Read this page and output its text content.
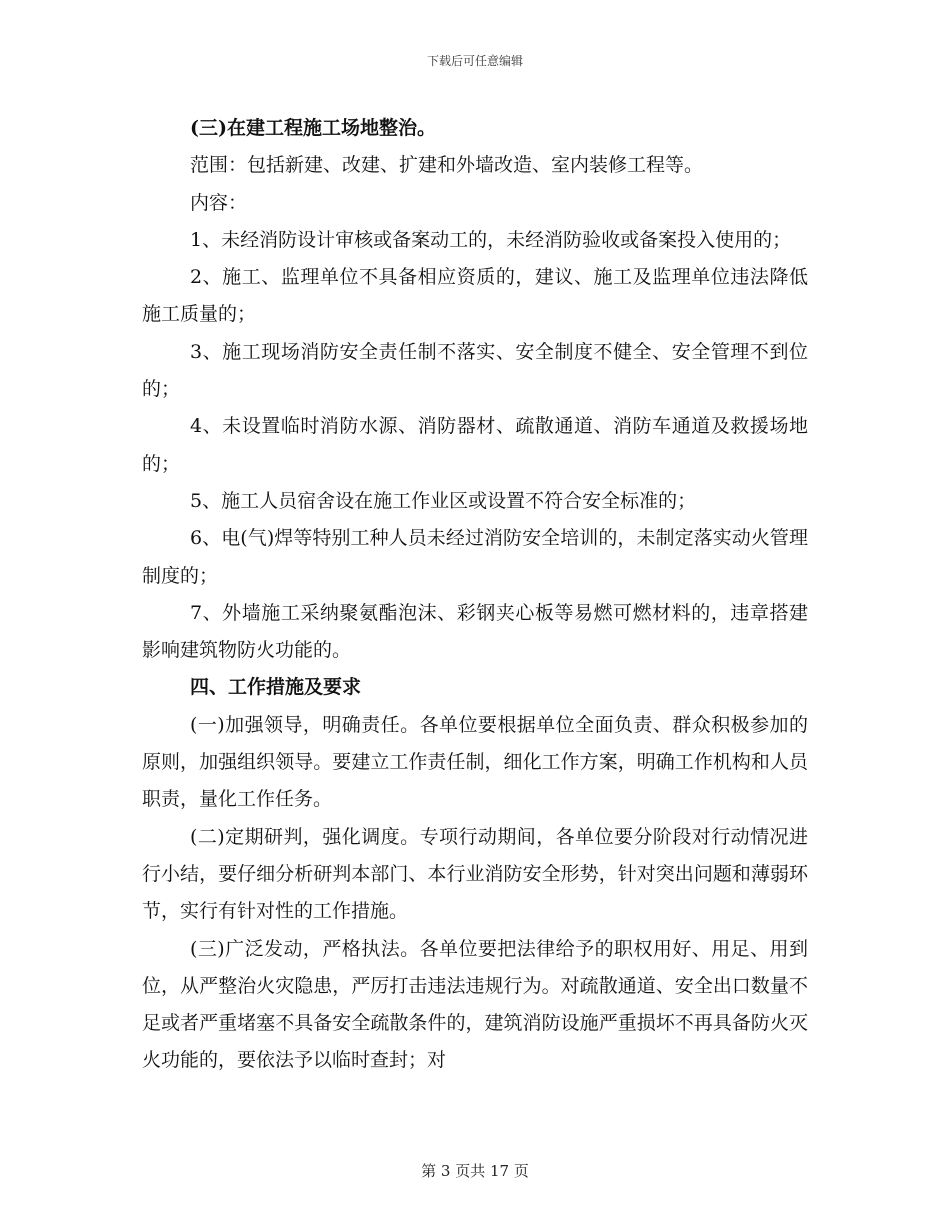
下载后可任意编辑

(三)在建工程施工场地整治。

范围：包括新建、改建、扩建和外墙改造、室内装修工程等。

内容：

1、未经消防设计审核或备案动工的，未经消防验收或备案投入使用的；

2、施工、监理单位不具备相应资质的，建议、施工及监理单位违法降低施工质量的；

3、施工现场消防安全责任制不落实、安全制度不健全、安全管理不到位的；

4、未设置临时消防水源、消防器材、疏散通道、消防车通道及救援场地的；

5、施工人员宿舍设在施工作业区或设置不符合安全标准的；

6、电(气)焊等特别工种人员未经过消防安全培训的，未制定落实动火管理制度的；

7、外墙施工采纳聚氨酯泡沫、彩钢夹心板等易燃可燃材料的，违章搭建影响建筑物防火功能的。

四、工作措施及要求

(一)加强领导，明确责任。各单位要根据单位全面负责、群众积极参加的原则，加强组织领导。要建立工作责任制，细化工作方案，明确工作机构和人员职责，量化工作任务。

(二)定期研判，强化调度。专项行动期间，各单位要分阶段对行动情况进行小结，要仔细分析研判本部门、本行业消防安全形势，针对突出问题和薄弱环节，实行有针对性的工作措施。

(三)广泛发动，严格执法。各单位要把法律给予的职权用好、用足、用到位，从严整治火灾隐患，严厉打击违法违规行为。对疏散通道、安全出口数量不足或者严重堵塞不具备安全疏散条件的，建筑消防设施严重损坏不再具备防火灭火功能的，要依法予以临时查封；对

第 3 页共 17 页
